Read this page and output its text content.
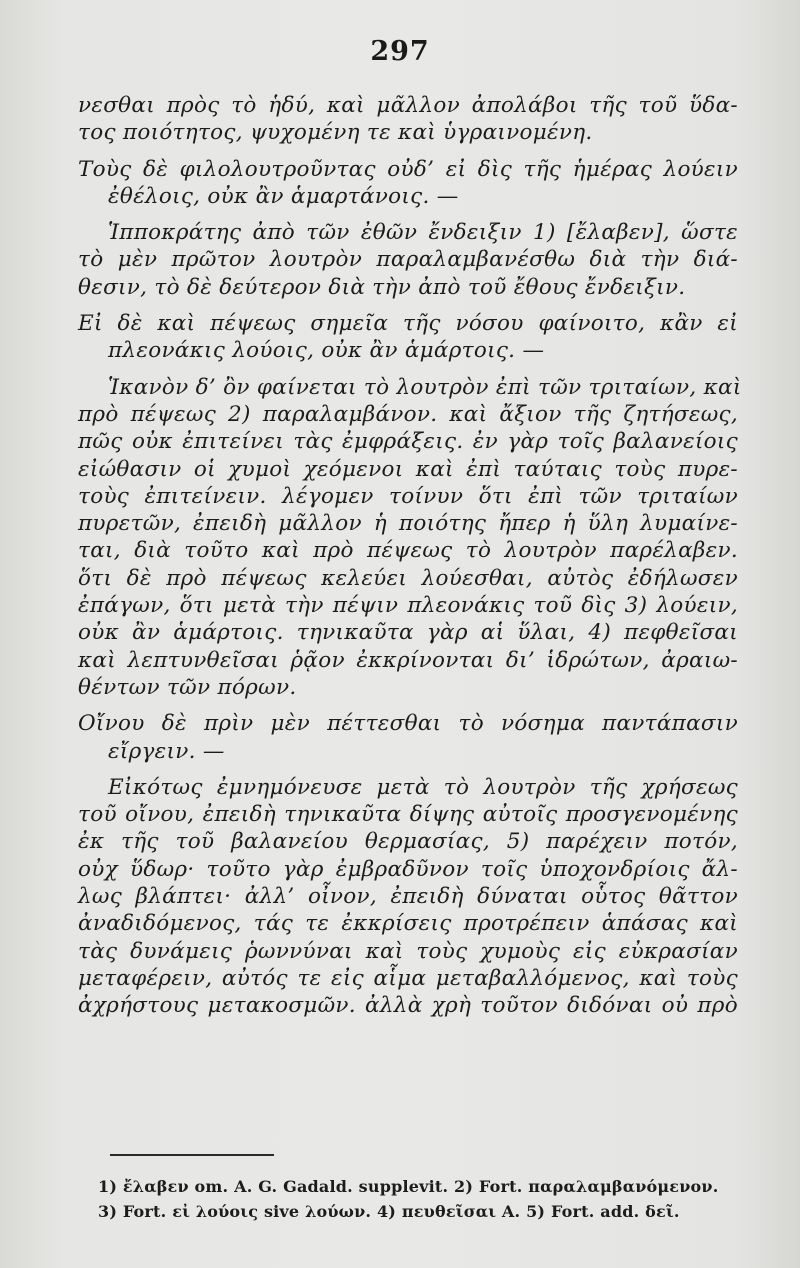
297
νεσθαι πρὸς τὸ ἡδύ, καὶ μᾶλλον ἀπολάβοι τῆς τοῦ ὕδα-
τος ποιότητος, ψυχομένη τε καὶ ὑγραινομένη.
Τοὺς δὲ φιλολουτροῦντας οὐδ’ εἰ δὶς τῆς ἡμέρας λούειν
ἐθέλοις, οὐκ ἂν ἁμαρτάνοις. —
Ἱπποκράτης ἀπὸ τῶν ἐθῶν ἔνδειξιν 1) [ἔλαβεν], ὥστε
τὸ μὲν πρῶτον λουτρὸν παραλαμβανέσθω διὰ τὴν διά-
θεσιν, τὸ δὲ δεύτερον διὰ τὴν ἀπὸ τοῦ ἔθους ἔνδειξιν.
Εἰ δὲ καὶ πέψεως σημεῖα τῆς νόσου φαίνοιτο, κἂν εἰ
πλεονάκις λούοις, οὐκ ἂν ἁμάρτοις. —
Ἱκανὸν δ’ ὂν φαίνεται τὸ λουτρὸν ἐπὶ τῶν τριταίων, καὶ
πρὸ πέψεως 2) παραλαμβάνον. καὶ ἄξιον τῆς ζητήσεως,
πῶς οὐκ ἐπιτείνει τὰς ἐμφράξεις. ἐν γὰρ τοῖς βαλανείοις
εἰώθασιν οἱ χυμοὶ χεόμενοι καὶ ἐπὶ ταύταις τοὺς πυρε-
τοὺς ἐπιτείνειν. λέγομεν τοίνυν ὅτι ἐπὶ τῶν τριταίων
πυρετῶν, ἐπειδὴ μᾶλλον ἡ ποιότης ἤπερ ἡ ὕλη λυμαίνε-
ται, διὰ τοῦτο καὶ πρὸ πέψεως τὸ λουτρὸν παρέλαβεν.
ὅτι δὲ πρὸ πέψεως κελεύει λούεσθαι, αὐτὸς ἐδήλωσεν
ἐπάγων, ὅτι μετὰ τὴν πέψιν πλεονάκις τοῦ δὶς 3) λούειν,
οὐκ ἂν ἁμάρτοις. τηνικαῦτα γὰρ αἱ ὕλαι, 4) πεφθεῖσαι
καὶ λεπτυνθεῖσαι ῥᾷον ἐκκρίνονται δι’ ἱδρώτων, ἀραιω-
θέντων τῶν πόρων.
Οἴνου δὲ πρὶν μὲν πέττεσθαι τὸ νόσημα παντάπασιν
εἴργειν. —
Εἰκότως ἐμνημόνευσε μετὰ τὸ λουτρὸν τῆς χρήσεως
τοῦ οἴνου, ἐπειδὴ τηνικαῦτα δίψης αὐτοῖς προσγενομένης
ἐκ τῆς τοῦ βαλανείου θερμασίας, 5) παρέχειν ποτόν,
οὐχ ὕδωρ· τοῦτο γὰρ ἐμβραδῦνον τοῖς ὑποχονδρίοις ἄλ-
λως βλάπτει· ἀλλ’ οἶνον, ἐπειδὴ δύναται οὗτος θᾶττον
ἀναδιδόμενος, τάς τε ἐκκρίσεις προτρέπειν ἁπάσας καὶ
τὰς δυνάμεις ῥωννύναι καὶ τοὺς χυμοὺς εἰς εὐκρασίαν
μεταφέρειν, αὐτός τε εἰς αἷμα μεταβαλλόμενος, καὶ τοὺς
ἀχρήστους μετακοσμῶν. ἀλλὰ χρὴ τοῦτον διδόναι οὐ πρὸ
1) ἔλαβεν om. A. G. Gadald. supplevit. 2) Fort. παραλαμβανόμενον.
3) Fort. εἰ λούοις sive λούων. 4) πευθεῖσαι A. 5) Fort. add. δεῖ.
